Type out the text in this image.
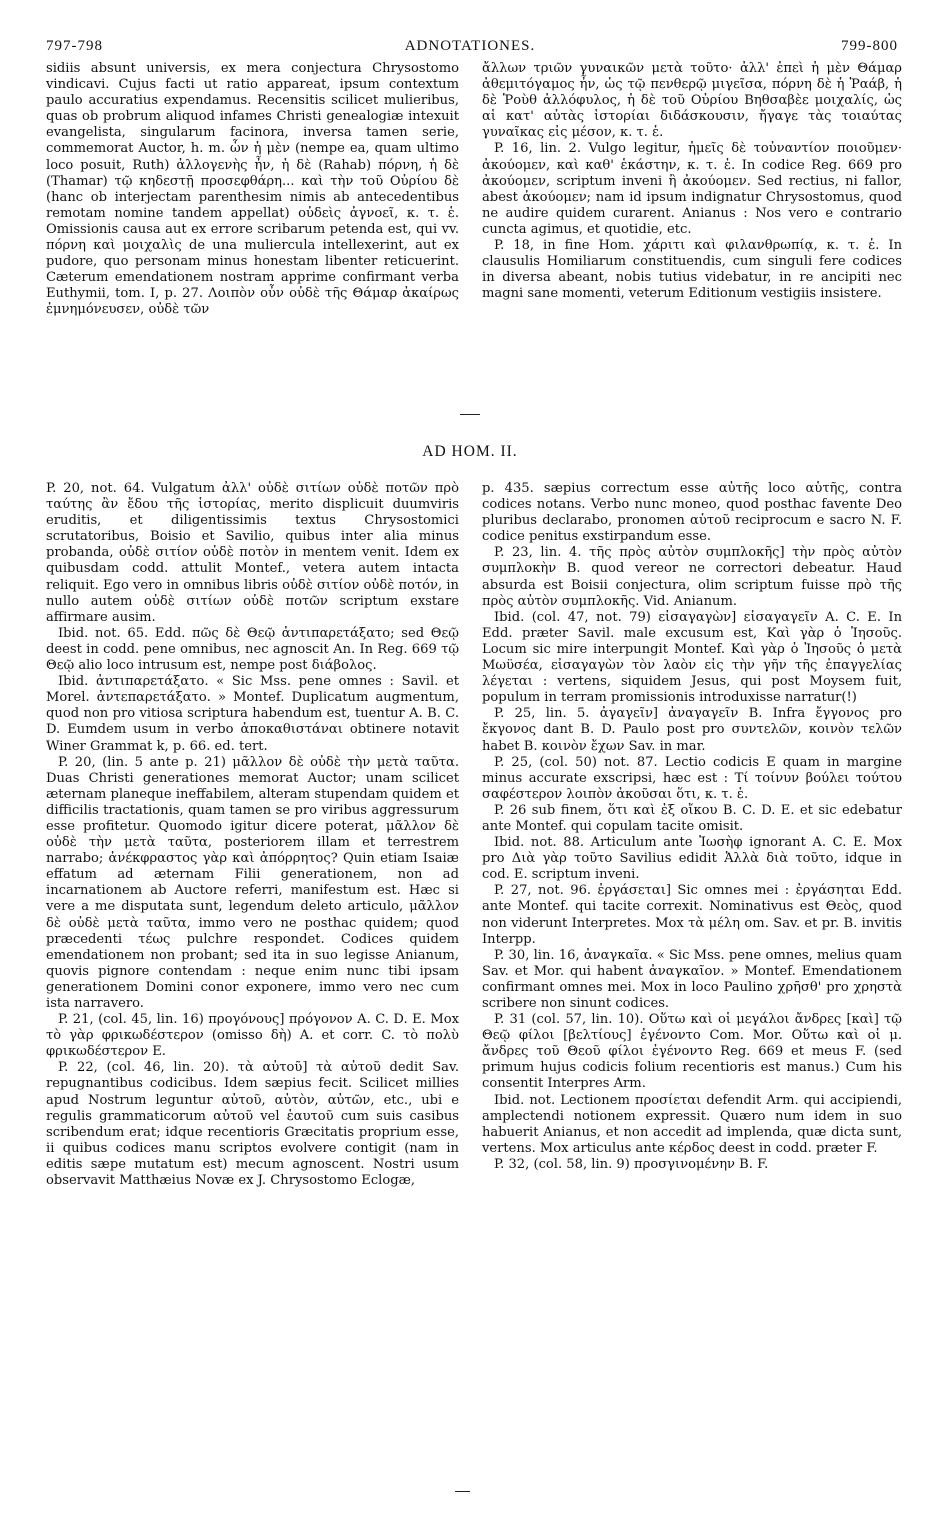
797-798	ADNOTATIONES.	799-800

sidiis absunt universis, ex mera conjectura Chrysostomo vindicavi. Cujus facti ut ratio appareat, ipsum contextum paulo accuratius expendamus. Recensitis scilicet mulieribus, quas ob probrum aliquod infames Christi genealogiæ intexuit evangelista, singularum facinora, inversa tamen serie, commemorat Auctor, h. m. ὧν ἡ μὲν (nempe ea, quam ultimo loco posuit, Ruth) ἀλλογενὴς ἦν, ἡ δὲ (Rahab) πόρνη, ἡ δὲ (Thamar) τῷ κηδεστῇ προσεφθάρη... καὶ τὴν τοῦ Οὐρίου δὲ (hanc ob interjectam parenthesim nimis ab antecedentibus remotam nomine tandem appellat) οὐδεὶς ἀγνοεῖ, κ. τ. ἑ. Omissionis causa aut ex errore scribarum petenda est, qui vv. πόρνη καὶ μοιχαλὶς de una muliercula intellexerint, aut ex pudore, quo personam minus honestam libenter reticuerint. Cæterum emendationem nostram apprime confirmant verba Euthymii, tom. I, p. 27. Λοιπὸν οὖν οὐδὲ τῆς Θάμαρ ἀκαίρως ἐμνημόνευσεν, οὐδὲ τῶν

ἄλλων τριῶν γυναικῶν μετὰ τοῦτο· ἀλλ' ἐπεὶ ἡ μὲν Θάμαρ ἀθεμιτόγαμος ἦν, ὡς τῷ πενθερῷ μιγεῖσα, πόρνη δὲ ἡ Ῥαάβ, ἡ δὲ Ῥοὺθ ἀλλόφυλος, ἡ δὲ τοῦ Οὐρίου Βηθσαβὲε μοιχαλίς, ὡς αἱ κατ' αὐτὰς ἱστορίαι διδάσκουσιν, ἤγαγε τὰς τοιαύτας γυναῖκας εἰς μέσον, κ. τ. ἑ.

P. 16, lin. 2. Vulgo legitur, ἡμεῖς δὲ τοὐναντίον ποιοῦμεν· ἀκούομεν, καὶ καθ' ἑκάστην, κ. τ. ἑ. In codice Reg. 669 pro ἀκούομεν, scriptum inveni ἢ ἀκούομεν. Sed rectius, ni fallor, abest ἀκούομεν; nam id ipsum indignatur Chrysostomus, quod ne audire quidem curarent. Anianus : Nos vero e contrario cuncta agimus, et quotidie, etc.

P. 18, in fine Hom. χάριτι καὶ φιλανθρωπίᾳ, κ. τ. ἑ. In clausulis Homiliarum constituendis, cum singuli fere codices in diversa abeant, nobis tutius videbatur, in re ancipiti nec magni sane momenti, veterum Editionum vestigiis insistere.

AD HOM. II.

P. 20, not. 64. Vulgatum ἀλλ' οὐδὲ σιτίων οὐδὲ ποτῶν πρὸ ταύτης ἂν ἔδου τῆς ἱστορίας, merito displicuit duumviris eruditis, et diligentissimis textus Chrysostomici scrutatoribus, Boisio et Savilio, quibus inter alia minus probanda, οὐδὲ σιτίον οὐδὲ ποτὸν in mentem venit. Idem ex quibusdam codd. attulit Montef., vetera autem intacta reliquit. Ego vero in omnibus libris οὐδὲ σιτίον οὐδὲ ποτόν, in nullo autem οὐδὲ σιτίων οὐδὲ ποτῶν scriptum exstare affirmare ausim.

Ibid. not. 65. Edd. πῶς δὲ Θεῷ ἀντιπαρετάξατο; sed Θεῷ deest in codd. pene omnibus, nec agnoscit An. In Reg. 669 τῷ Θεῷ alio loco intrusum est, nempe post διάβολος.

Ibid. ἀντιπαρετάξατο. « Sic Mss. pene omnes : Savil. et Morel. ἀντεπαρετάξατο. » Montef. Duplicatum augmentum, quod non pro vitiosa scriptura habendum est, tuentur A. B. C. D. Eumdem usum in verbo ἀποκαθιστάναι obtinere notavit Winer Grammat k, p. 66. ed. tert.

P. 20, (lin. 5 ante p. 21) μᾶλλον δὲ οὐδὲ τὴν μετὰ ταῦτα. Duas Christi generationes memorat Auctor; unam scilicet æternam planeque ineffabilem, alteram stupendam quidem et difficilis tractationis, quam tamen se pro viribus aggressurum esse profitetur. Quomodo igitur dicere poterat, μᾶλλον δὲ οὐδὲ τὴν μετὰ ταῦτα, posteriorem illam et terrestrem narrabo; ἀνέκφραστος γὰρ καὶ ἀπόρρητος? Quin etiam Isaiæ effatum ad æternam Filii generationem, non ad incarnationem ab Auctore referri, manifestum est. Hæc si vere a me disputata sunt, legendum deleto articulo, μᾶλλον δὲ οὐδὲ μετὰ ταῦτα, immo vero ne posthac quidem; quod præcedenti τέως pulchre respondet. Codices quidem emendationem non probant; sed ita in suo legisse Anianum, quovis pignore contendam : neque enim nunc tibi ipsam generationem Domini conor exponere, immo vero nec cum ista narravero.

P. 21, (col. 45, lin. 16) προγόνους] πρόγονον A. C. D. E. Mox τὸ γὰρ φρικωδέστερον (omisso δὴ) A. et corr. C. τὸ πολὺ φρικωδέστερον E.

P. 22, (col. 46, lin. 20). τὰ αὐτοῦ] τὰ αὐτοῦ dedit Sav. repugnantibus codicibus. Idem sæpius fecit. Scilicet millies apud Nostrum leguntur αὐτοῦ, αὐτὸν, αὐτῶν, etc., ubi e regulis grammaticorum αὑτοῦ vel ἑαυτοῦ cum suis casibus scribendum erat; idque recentioris Græcitatis proprium esse, ii quibus codices manu scriptos evolvere contigit (nam in editis sæpe mutatum est) mecum agnoscent. Nostri usum observavit Matthæius Novæ ex J. Chrysostomo Eclogæ,

p. 435. sæpius correctum esse αὐτῆς loco αὑτῆς, contra codices notans. Verbo nunc moneo, quod posthac favente Deo pluribus declarabo, pronomen αὑτοῦ reciprocum e sacro N. F. codice penitus exstirpandum esse.

P. 23, lin. 4. τῆς πρὸς αὐτὸν συμπλοκῆς] τὴν πρὸς αὐτὸν συμπλοκὴν B. quod vereor ne correctori debeatur. Haud absurda est Boisii conjectura, olim scriptum fuisse πρὸ τῆς πρὸς αὐτὸν συμπλοκῆς. Vid. Anianum.

Ibid. (col. 47, not. 79) εἰσαγαγὼν] εἰσαγαγεῖν A. C. E. In Edd. præter Savil. male excusum est, Καὶ γὰρ ὁ Ἰησοῦς. Locum sic mire interpungit Montef. Καὶ γὰρ ὁ Ἰησοῦς ὁ μετὰ Μωϋσέα, εἰσαγαγὼν τὸν λαὸν εἰς τὴν γῆν τῆς ἐπαγγελίας λέγεται : vertens, siquidem Jesus, qui post Moysem fuit, populum in terram promissionis introduxisse narratur(!)

P. 25, lin. 5. ἀγαγεῖν] ἀναγαγεῖν B. Infra ἔγγονος pro ἔκγονος dant B. D. Paulo post pro συντελῶν, κοινὸν τελῶν habet B. κοινὸν ἔχων Sav. in mar.

P. 25, (col. 50) not. 87. Lectio codicis E quam in margine minus accurate exscripsi, hæc est : Τί τοίνυν βούλει τούτου σαφέστερον λοιπὸν ἀκοῦσαι ὅτι, κ. τ. ἑ.

P. 26 sub finem, ὅτι καὶ ἐξ οἴκου B. C. D. E. et sic edebatur ante Montef. qui copulam tacite omisit.

Ibid. not. 88. Articulum ante Ἰωσὴφ ignorant A. C. E. Mox pro Διὰ γὰρ τοῦτο Savilius edidit Ἀλλὰ διὰ τοῦτο, idque in cod. E. scriptum inveni.

P. 27, not. 96. ἐργάσεται] Sic omnes mei : ἐργάσηται Edd. ante Montef. qui tacite correxit. Nominativus est Θεὸς, quod non viderunt Interpretes. Mox τὰ μέλη om. Sav. et pr. B. invitis Interpp.

P. 30, lin. 16, ἀναγκαῖα. « Sic Mss. pene omnes, melius quam Sav. et Mor. qui habent ἀναγκαῖον. » Montef. Emendationem confirmant omnes mei. Mox in loco Paulino χρῆσθ' pro χρηστὰ scribere non sinunt codices.

P. 31 (col. 57, lin. 10). Οὕτω καὶ οἱ μεγάλοι ἄνδρες [καὶ] τῷ Θεῷ φίλοι [βελτίους] ἐγένοντο Com. Mor. Οὕτω καὶ οἱ μ. ἄνδρες τοῦ Θεοῦ φίλοι ἐγένοντο Reg. 669 et meus F. (sed primum hujus codicis folium recentioris est manus.) Cum his consentit Interpres Arm.

Ibid. not. Lectionem προσίεται defendit Arm. qui accipiendi, amplectendi notionem expressit. Quæro num idem in suo habuerit Anianus, et non accedit ad implenda, quæ dicta sunt, vertens. Mox articulus ante κέρδος deest in codd. præter F.

P. 32, (col. 58, lin. 9) προσγινομένην B. F.
